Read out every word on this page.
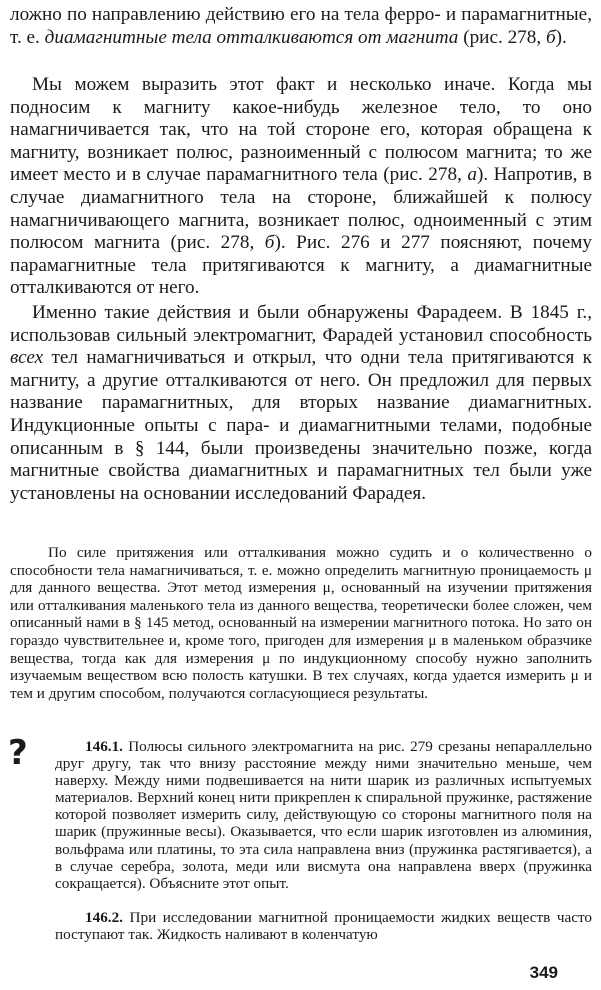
ложно по направлению действию его на тела ферро- и парамагнитные, т. е. диамагнитные тела отталкиваются от магнита (рис. 278, б).

Мы можем выразить этот факт и несколько иначе. Когда мы подносим к магниту какое-нибудь железное тело, то оно намагничивается так, что на той стороне его, которая обращена к магниту, возникает полюс, разноименный с полюсом магнита; то же имеет место и в случае парамагнитного тела (рис. 278, а). Напротив, в случае диамагнитного тела на стороне, ближайшей к полюсу намагничивающего магнита, возникает полюс, одноименный с этим полюсом магнита (рис. 278, б). Рис. 276 и 277 поясняют, почему парамагнитные тела притягиваются к магниту, а диамагнитные отталкиваются от него.

Именно такие действия и были обнаружены Фарадеем. В 1845 г., использовав сильный электромагнит, Фарадей установил способность всех тел намагничиваться и открыл, что одни тела притягиваются к магниту, а другие отталкиваются от него. Он предложил для первых название парамагнитных, для вторых название диамагнитных. Индукционные опыты с пара- и диамагнитными телами, подобные описанным в § 144, были произведены значительно позже, когда магнитные свойства диамагнитных и парамагнитных тел были уже установлены на основании исследований Фарадея.

По силе притяжения или отталкивания можно судить и о количественно о способности тела намагничиваться, т. е. можно определить магнитную проницаемость μ для данного вещества. Этот метод измерения μ, основанный на изучении притяжения или отталкивания маленького тела из данного вещества, теоретически более сложен, чем описанный нами в § 145 метод, основанный на измерении магнитного потока. Но зато он гораздо чувствительнее и, кроме того, пригоден для измерения μ в маленьком образчике вещества, тогда как для измерения μ по индукционному способу нужно заполнить изучаемым веществом всю полость катушки. В тех случаях, когда удается измерить μ и тем и другим способом, получаются согласующиеся результаты.

?	146.1. Полюсы сильного электромагнита на рис. 279 срезаны непараллельно друг другу, так что внизу расстояние между ними значительно меньше, чем наверху. Между ними подвешивается на нити шарик из различных испытуемых материалов. Верхний конец нити прикреплен к спиральной пружинке, растяжение которой позволяет измерить силу, действующую со стороны магнитного поля на шарик (пружинные весы). Оказывается, что если шарик изготовлен из алюминия, вольфрама или платины, то эта сила направлена вниз (пружинка растягивается), а в случае серебра, золота, меди или висмута она направлена вверх (пружинка сокращается). Объясните этот опыт.

146.2. При исследовании магнитной проницаемости жидких веществ часто поступают так. Жидкость наливают в коленчатую

349
